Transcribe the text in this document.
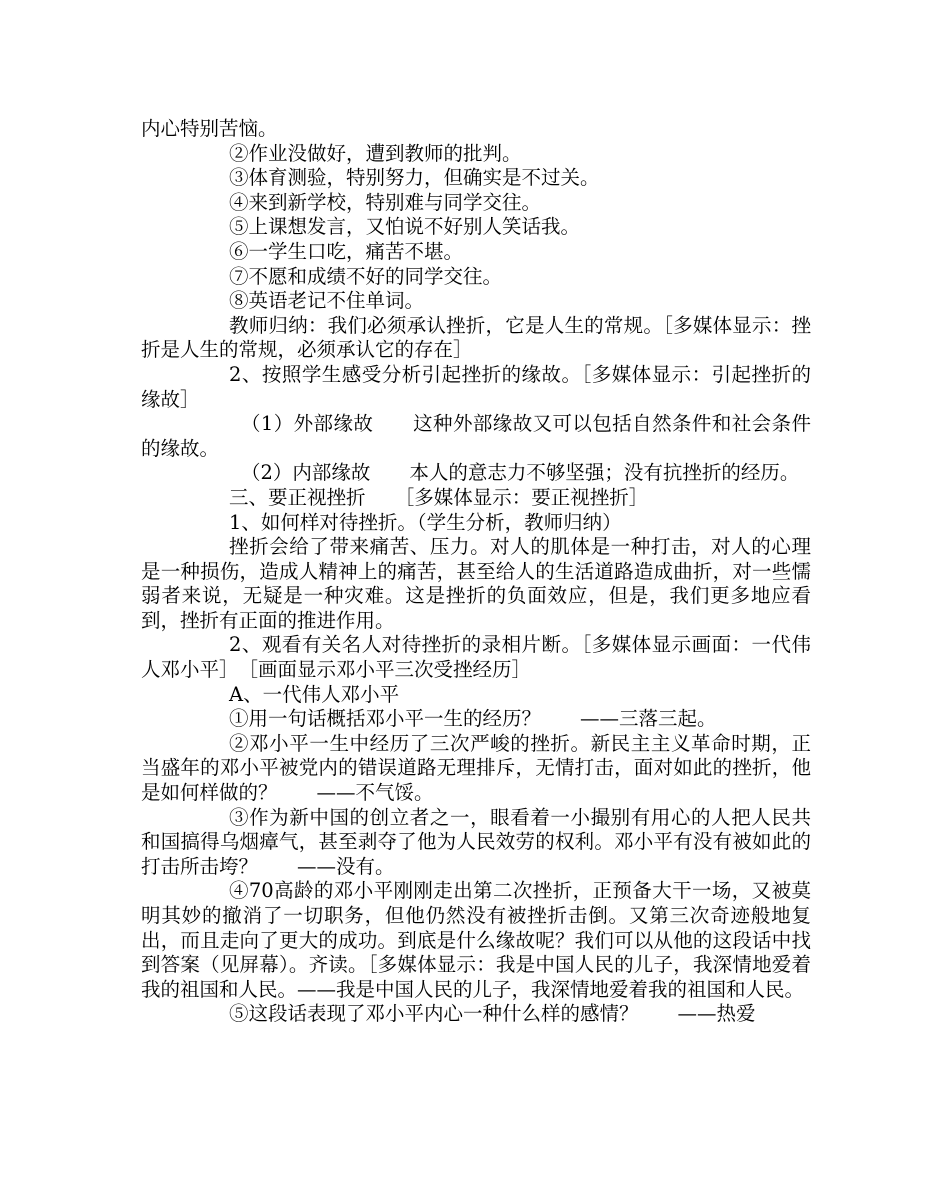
内心特别苦恼。

②作业没做好，遭到教师的批判。

③体育测验，特别努力，但确实是不过关。

④来到新学校，特别难与同学交往。

⑤上课想发言，又怕说不好别人笑话我。

⑥一学生口吃，痛苦不堪。

⑦不愿和成绩不好的同学交往。

⑧英语老记不住单词。

教师归纳：我们必须承认挫折，它是人生的常规。［多媒体显示：挫折是人生的常规，必须承认它的存在］

2、按照学生感受分析引起挫折的缘故。［多媒体显示：引起挫折的缘故］

（1）外部缘故　　这种外部缘故又可以包括自然条件和社会条件的缘故。

（2）内部缘故　　本人的意志力不够坚强；没有抗挫折的经历。

三、要正视挫折　　［多媒体显示：要正视挫折］

1、如何样对待挫折。（学生分析，教师归纳）

挫折会给了带来痛苦、压力。对人的肌体是一种打击，对人的心理是一种损伤，造成人精神上的痛苦，甚至给人的生活道路造成曲折，对一些懦弱者来说，无疑是一种灾难。这是挫折的负面效应，但是，我们更多地应看到，挫折有正面的推进作用。

2、观看有关名人对待挫折的录相片断。［多媒体显示画面：一代伟人邓小平］　［画面显示邓小平三次受挫经历］

A、一代伟人邓小平

①用一句话概括邓小平一生的经历？　　——三落三起。

②邓小平一生中经历了三次严峻的挫折。新民主主义革命时期，正当盛年的邓小平被党内的错误道路无理排斥，无情打击，面对如此的挫折，他是如何样做的？　　——不气馁。

③作为新中国的创立者之一，眼看着一小撮别有用心的人把人民共和国搞得乌烟瘴气，甚至剥夺了他为人民效劳的权利。邓小平有没有被如此的打击所击垮？　　——没有。

④70高龄的邓小平刚刚走出第二次挫折，正预备大干一场，又被莫明其妙的撤消了一切职务，但他仍然没有被挫折击倒。又第三次奇迹般地复出，而且走向了更大的成功。到底是什么缘故呢？我们可以从他的这段话中找到答案（见屏幕）。齐读。［多媒体显示：我是中国人民的儿子，我深情地爱着我的祖国和人民。——我是中国人民的儿子，我深情地爱着我的祖国和人民。

⑤这段话表现了邓小平内心一种什么样的感情？　　——热爱
